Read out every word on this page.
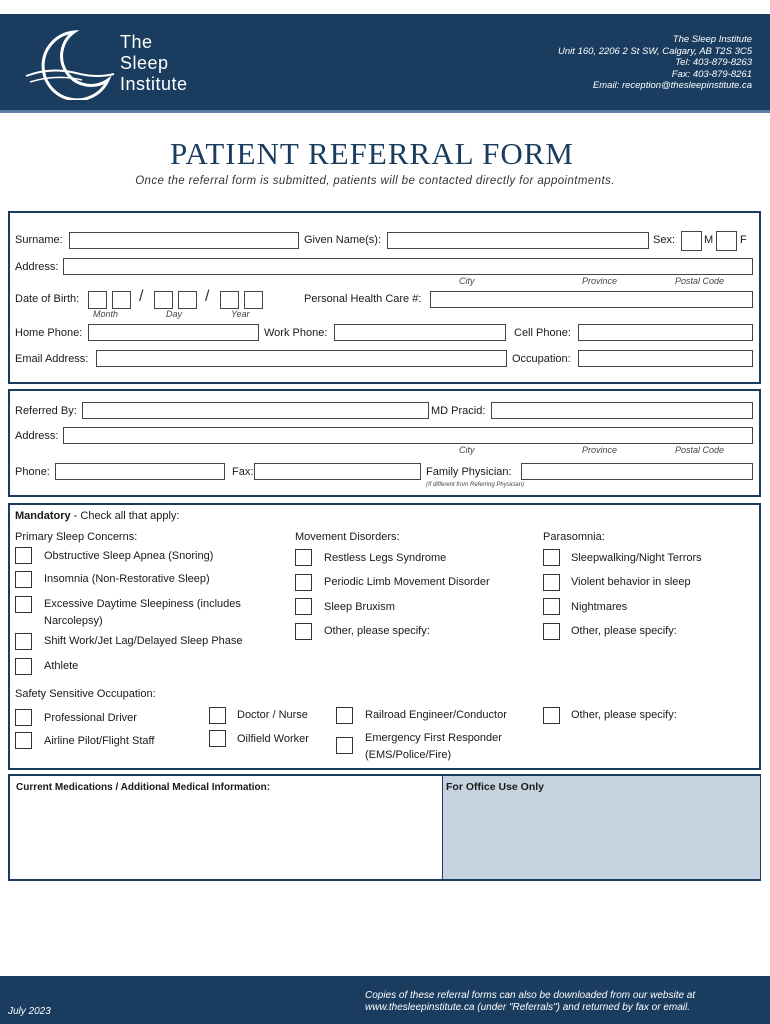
The
Sleep
Institute
The Sleep Institute
Unit 160, 2206 2 St SW, Calgary, AB T2S 3C5
Tel: 403-879-8263
Fax: 403-879-8261
Email: reception@thesleepinstitute.ca
PATIENT REFERRAL FORM
Once the referral form is submitted, patients will be contacted directly for appointments.
Surname:	Given Name(s):	Sex:	M F
Address:
City	Province	Postal Code
Date of Birth:	/	/
Month	Day	Year
Personal Health Care #:
Home Phone:	Work Phone:	Cell Phone:
Email Address:	Occupation:
Referred By:	MD Pracid:
Address:
City	Province	Postal Code
Phone:	Fax:	Family Physician:
(If different from Referring Physician)
Mandatory - Check all that apply:
Primary Sleep Concerns:
Obstructive Sleep Apnea (Snoring)
Insomnia (Non-Restorative Sleep)
Excessive Daytime Sleepiness (includes
Narcolepsy)
Shift Work/Jet Lag/Delayed Sleep Phase
Athlete
Movement Disorders:
Restless Legs Syndrome
Periodic Limb Movement Disorder
Sleep Bruxism
Other, please specify:
Parasomnia:
Sleepwalking/Night Terrors
Violent behavior in sleep
Nightmares
Other, please specify:
Safety Sensitive Occupation:
Professional Driver
Airline Pilot/Flight Staff
Doctor / Nurse
Oilfield Worker
Railroad Engineer/Conductor
Emergency First Responder
(EMS/Police/Fire)
Other, please specify:
Current Medications / Additional Medical Information:	For Office Use Only
July 2023
Copies of these referral forms can also be downloaded from our website at
www.thesleepinstitute.ca (under "Referrals") and returned by fax or email.
